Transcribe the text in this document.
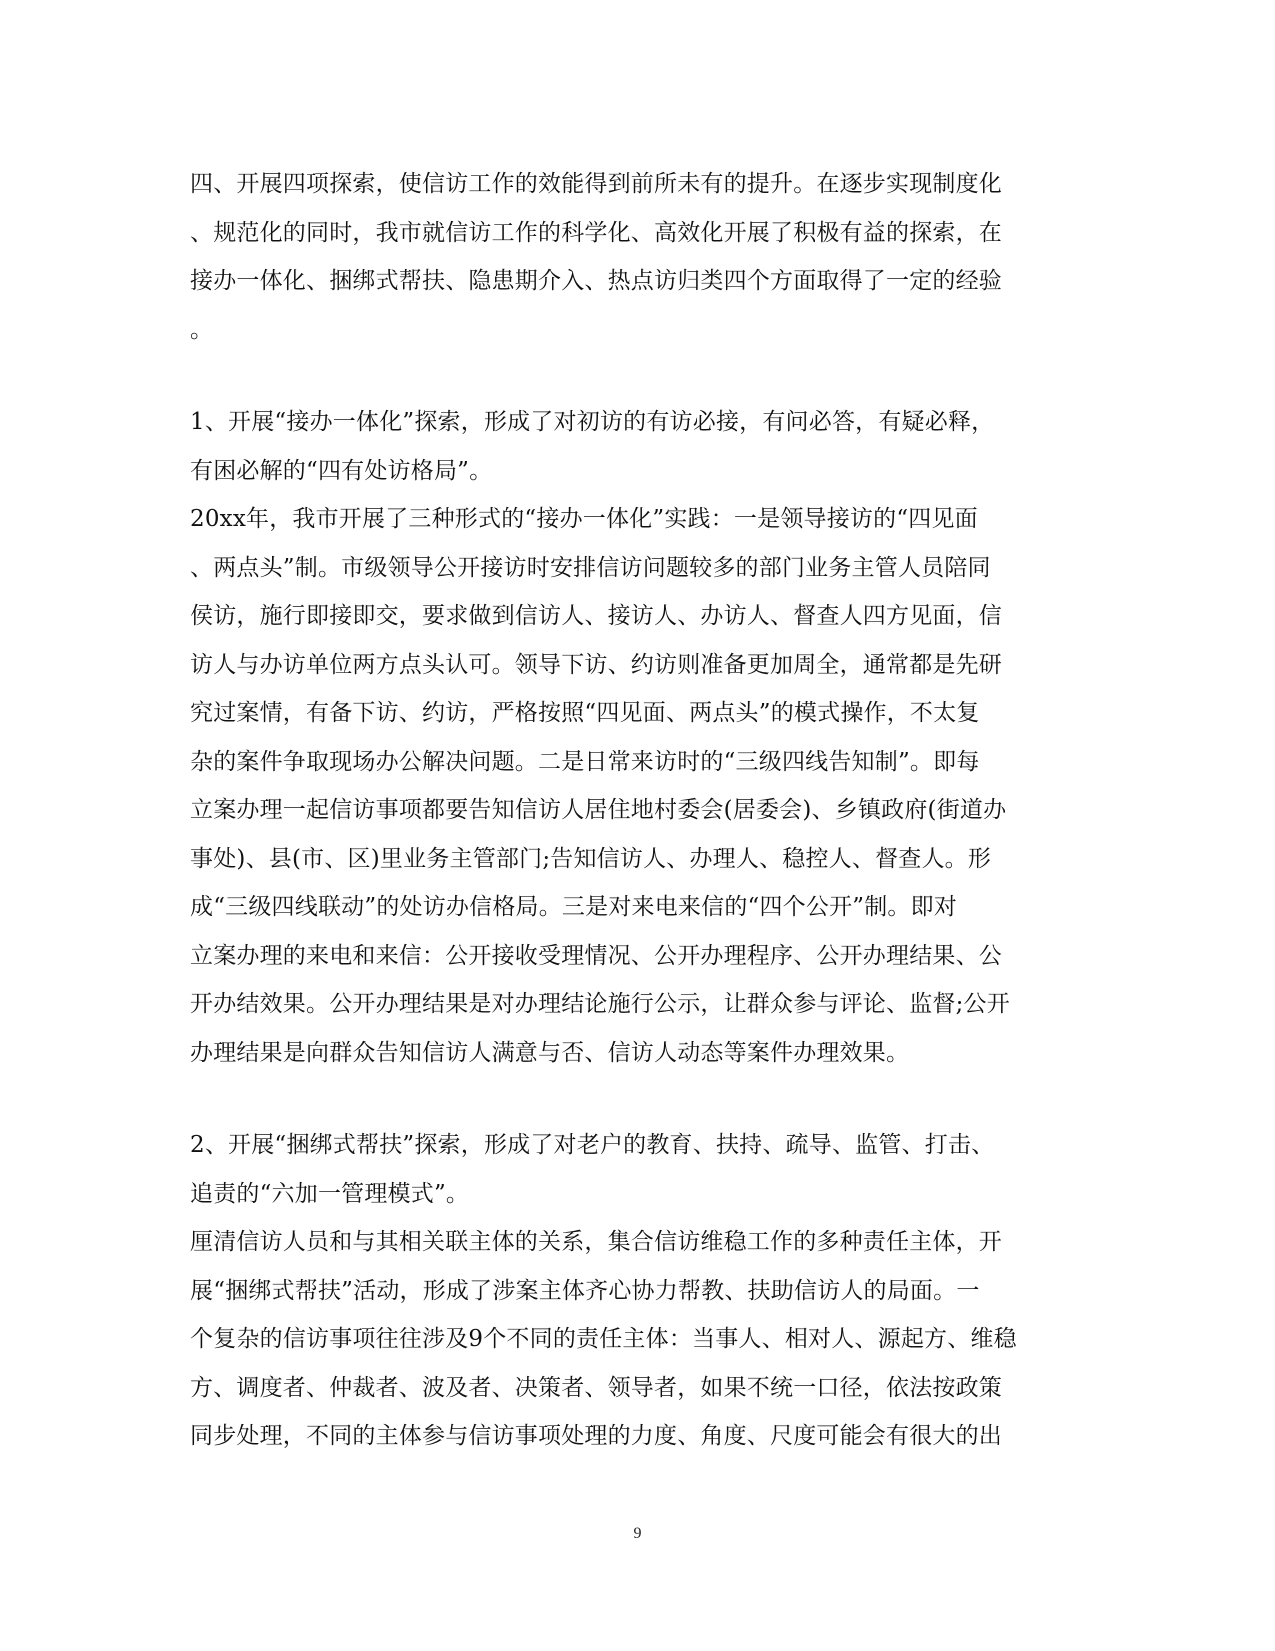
四、开展四项探索，使信访工作的效能得到前所未有的提升。在逐步实现制度化
、规范化的同时，我市就信访工作的科学化、高效化开展了积极有益的探索，在
接办一体化、捆绑式帮扶、隐患期介入、热点访归类四个方面取得了一定的经验
。

1、开展“接办一体化”探索，形成了对初访的有访必接，有问必答，有疑必释，
有困必解的“四有处访格局”。

20xx年，我市开展了三种形式的“接办一体化”实践：一是领导接访的“四见面
、两点头”制。市级领导公开接访时安排信访问题较多的部门业务主管人员陪同
侯访，施行即接即交，要求做到信访人、接访人、办访人、督查人四方见面，信
访人与办访单位两方点头认可。领导下访、约访则准备更加周全，通常都是先研
究过案情，有备下访、约访，严格按照“四见面、两点头”的模式操作，不太复
杂的案件争取现场办公解决问题。二是日常来访时的“三级四线告知制”。即每
立案办理一起信访事项都要告知信访人居住地村委会(居委会)、乡镇政府(街道办
事处)、县(市、区)里业务主管部门;告知信访人、办理人、稳控人、督查人。形
成“三级四线联动”的处访办信格局。三是对来电来信的“四个公开”制。即对
立案办理的来电和来信：公开接收受理情况、公开办理程序、公开办理结果、公
开办结效果。公开办理结果是对办理结论施行公示，让群众参与评论、监督;公开
办理结果是向群众告知信访人满意与否、信访人动态等案件办理效果。

2、开展“捆绑式帮扶”探索，形成了对老户的教育、扶持、疏导、监管、打击、
追责的“六加一管理模式”。

厘清信访人员和与其相关联主体的关系，集合信访维稳工作的多种责任主体，开
展“捆绑式帮扶”活动，形成了涉案主体齐心协力帮教、扶助信访人的局面。一
个复杂的信访事项往往涉及9个不同的责任主体：当事人、相对人、源起方、维稳
方、调度者、仲裁者、波及者、决策者、领导者，如果不统一口径，依法按政策
同步处理，不同的主体参与信访事项处理的力度、角度、尺度可能会有很大的出

9
